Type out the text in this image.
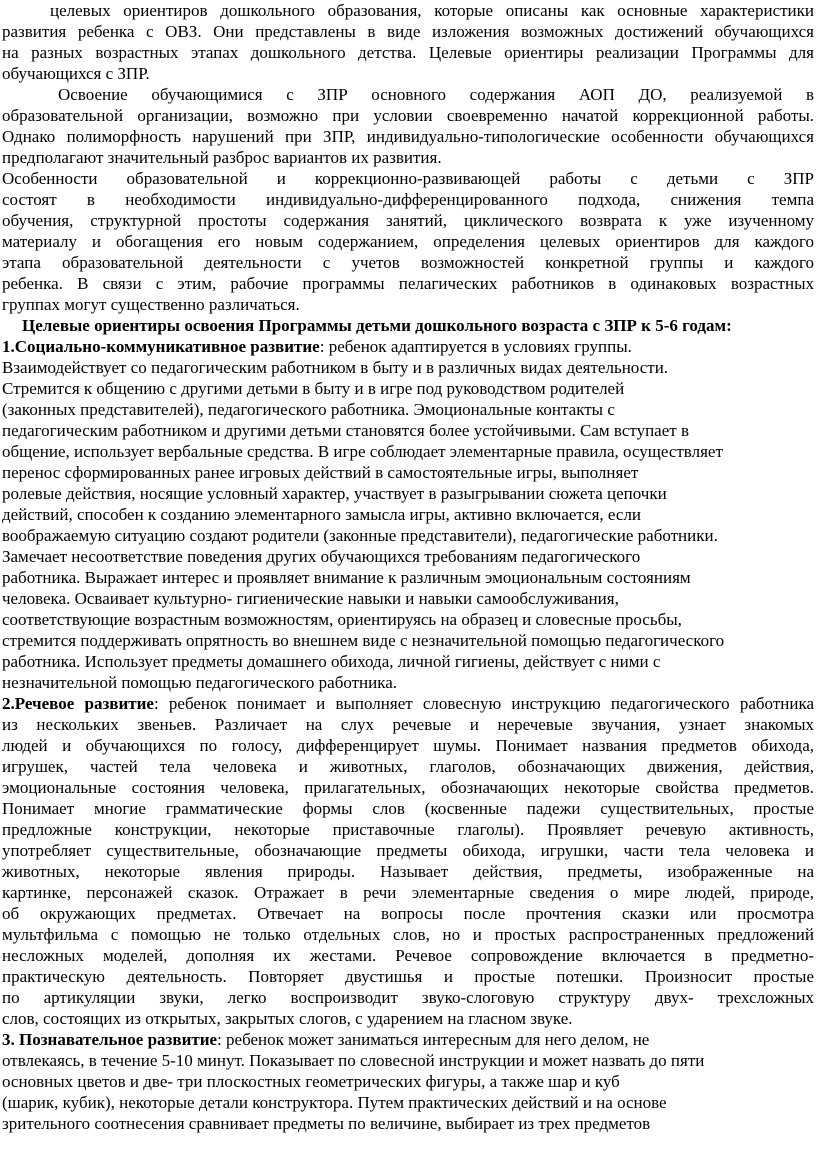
целевых ориентиров дошкольного образования, которые описаны как основные характеристики
развития ребенка с ОВЗ. Они представлены в виде изложения возможных достижений обучающихся
на разных возрастных этапах дошкольного детства. Целевые ориентиры реализации Программы для
обучающихся с ЗПР.
Освоение обучающимися с ЗПР основного содержания АОП ДО, реализуемой в
образовательной организации, возможно при условии своевременно начатой коррекционной работы.
Однако полиморфность нарушений при ЗПР, индивидуально-типологические особенности обучающихся
предполагают значительный разброс вариантов их развития.
Особенности образовательной и коррекционно-развивающей работы с детьми с ЗПР
состоят в необходимости индивидуально-дифференцированного подхода, снижения темпа
обучения, структурной простоты содержания занятий, циклического возврата к уже изученному
материалу и обогащения его новым содержанием, определения целевых ориентиров для каждого
этапа образовательной деятельности с учетов возможностей конкретной группы и каждого
ребенка. В связи с этим, рабочие программы пелагических работников в одинаковых возрастных
группах могут существенно различаться.
Целевые ориентиры освоения Программы детьми дошкольного возраста с ЗПР к 5-6 годам:
1.Социально-коммуникативное развитие: ребенок адаптируется в условиях группы.
Взаимодействует со педагогическим работником в быту и в различных видах деятельности.
Стремится к общению с другими детьми в быту и в игре под руководством родителей
(законных представителей), педагогического работника. Эмоциональные контакты с
педагогическим работником и другими детьми становятся более устойчивыми. Сам вступает в
общение, использует вербальные средства. В игре соблюдает элементарные правила, осуществляет
перенос сформированных ранее игровых действий в самостоятельные игры, выполняет
ролевые действия, носящие условный характер, участвует в разыгрывании сюжета цепочки
действий, способен к созданию элементарного замысла игры, активно включается, если
воображаемую ситуацию создают родители (законные представители), педагогические работники.
Замечает несоответствие поведения других обучающихся требованиям педагогического
работника. Выражает интерес и проявляет внимание к различным эмоциональным состояниям
человека. Осваивает культурно- гигиенические навыки и навыки самообслуживания,
соответствующие возрастным возможностям, ориентируясь на образец и словесные просьбы,
стремится поддерживать опрятность во внешнем виде с незначительной помощью педагогического
работника. Использует предметы домашнего обихода, личной гигиены, действует с ними с
незначительной помощью педагогического работника.
2.Речевое развитие: ребенок понимает и выполняет словесную инструкцию педагогического работника
из нескольких звеньев. Различает на слух речевые и неречевые звучания, узнает знакомых
людей и обучающихся по голосу, дифференцирует шумы. Понимает названия предметов обихода,
игрушек, частей тела человека и животных, глаголов, обозначающих движения, действия,
эмоциональные состояния человека, прилагательных, обозначающих некоторые свойства предметов.
Понимает многие грамматические формы слов (косвенные падежи существительных, простые
предложные конструкции, некоторые приставочные глаголы). Проявляет речевую активность,
употребляет существительные, обозначающие предметы обихода, игрушки, части тела человека и
животных, некоторые явления природы. Называет действия, предметы, изображенные на
картинке, персонажей сказок. Отражает в речи элементарные сведения о мире людей, природе,
об окружающих предметах. Отвечает на вопросы после прочтения сказки или просмотра
мультфильма с помощью не только отдельных слов, но и простых распространенных предложений
несложных моделей, дополняя их жестами. Речевое сопровождение включается в предметно-
практическую деятельность. Повторяет двустишья и простые потешки. Произносит простые
по артикуляции звуки, легко воспроизводит звуко-слоговую структуру двух- трехсложных
слов, состоящих из открытых, закрытых слогов, с ударением на гласном звуке.
3. Познавательное развитие: ребенок может заниматься интересным для него делом, не
отвлекаясь, в течение 5-10 минут. Показывает по словесной инструкции и может назвать до пяти
основных цветов и две- три плоскостных геометрических фигуры, а также шар и куб
(шарик, кубик), некоторые детали конструктора. Путем практических действий и на основе
зрительного соотнесения сравнивает предметы по величине, выбирает из трех предметов
